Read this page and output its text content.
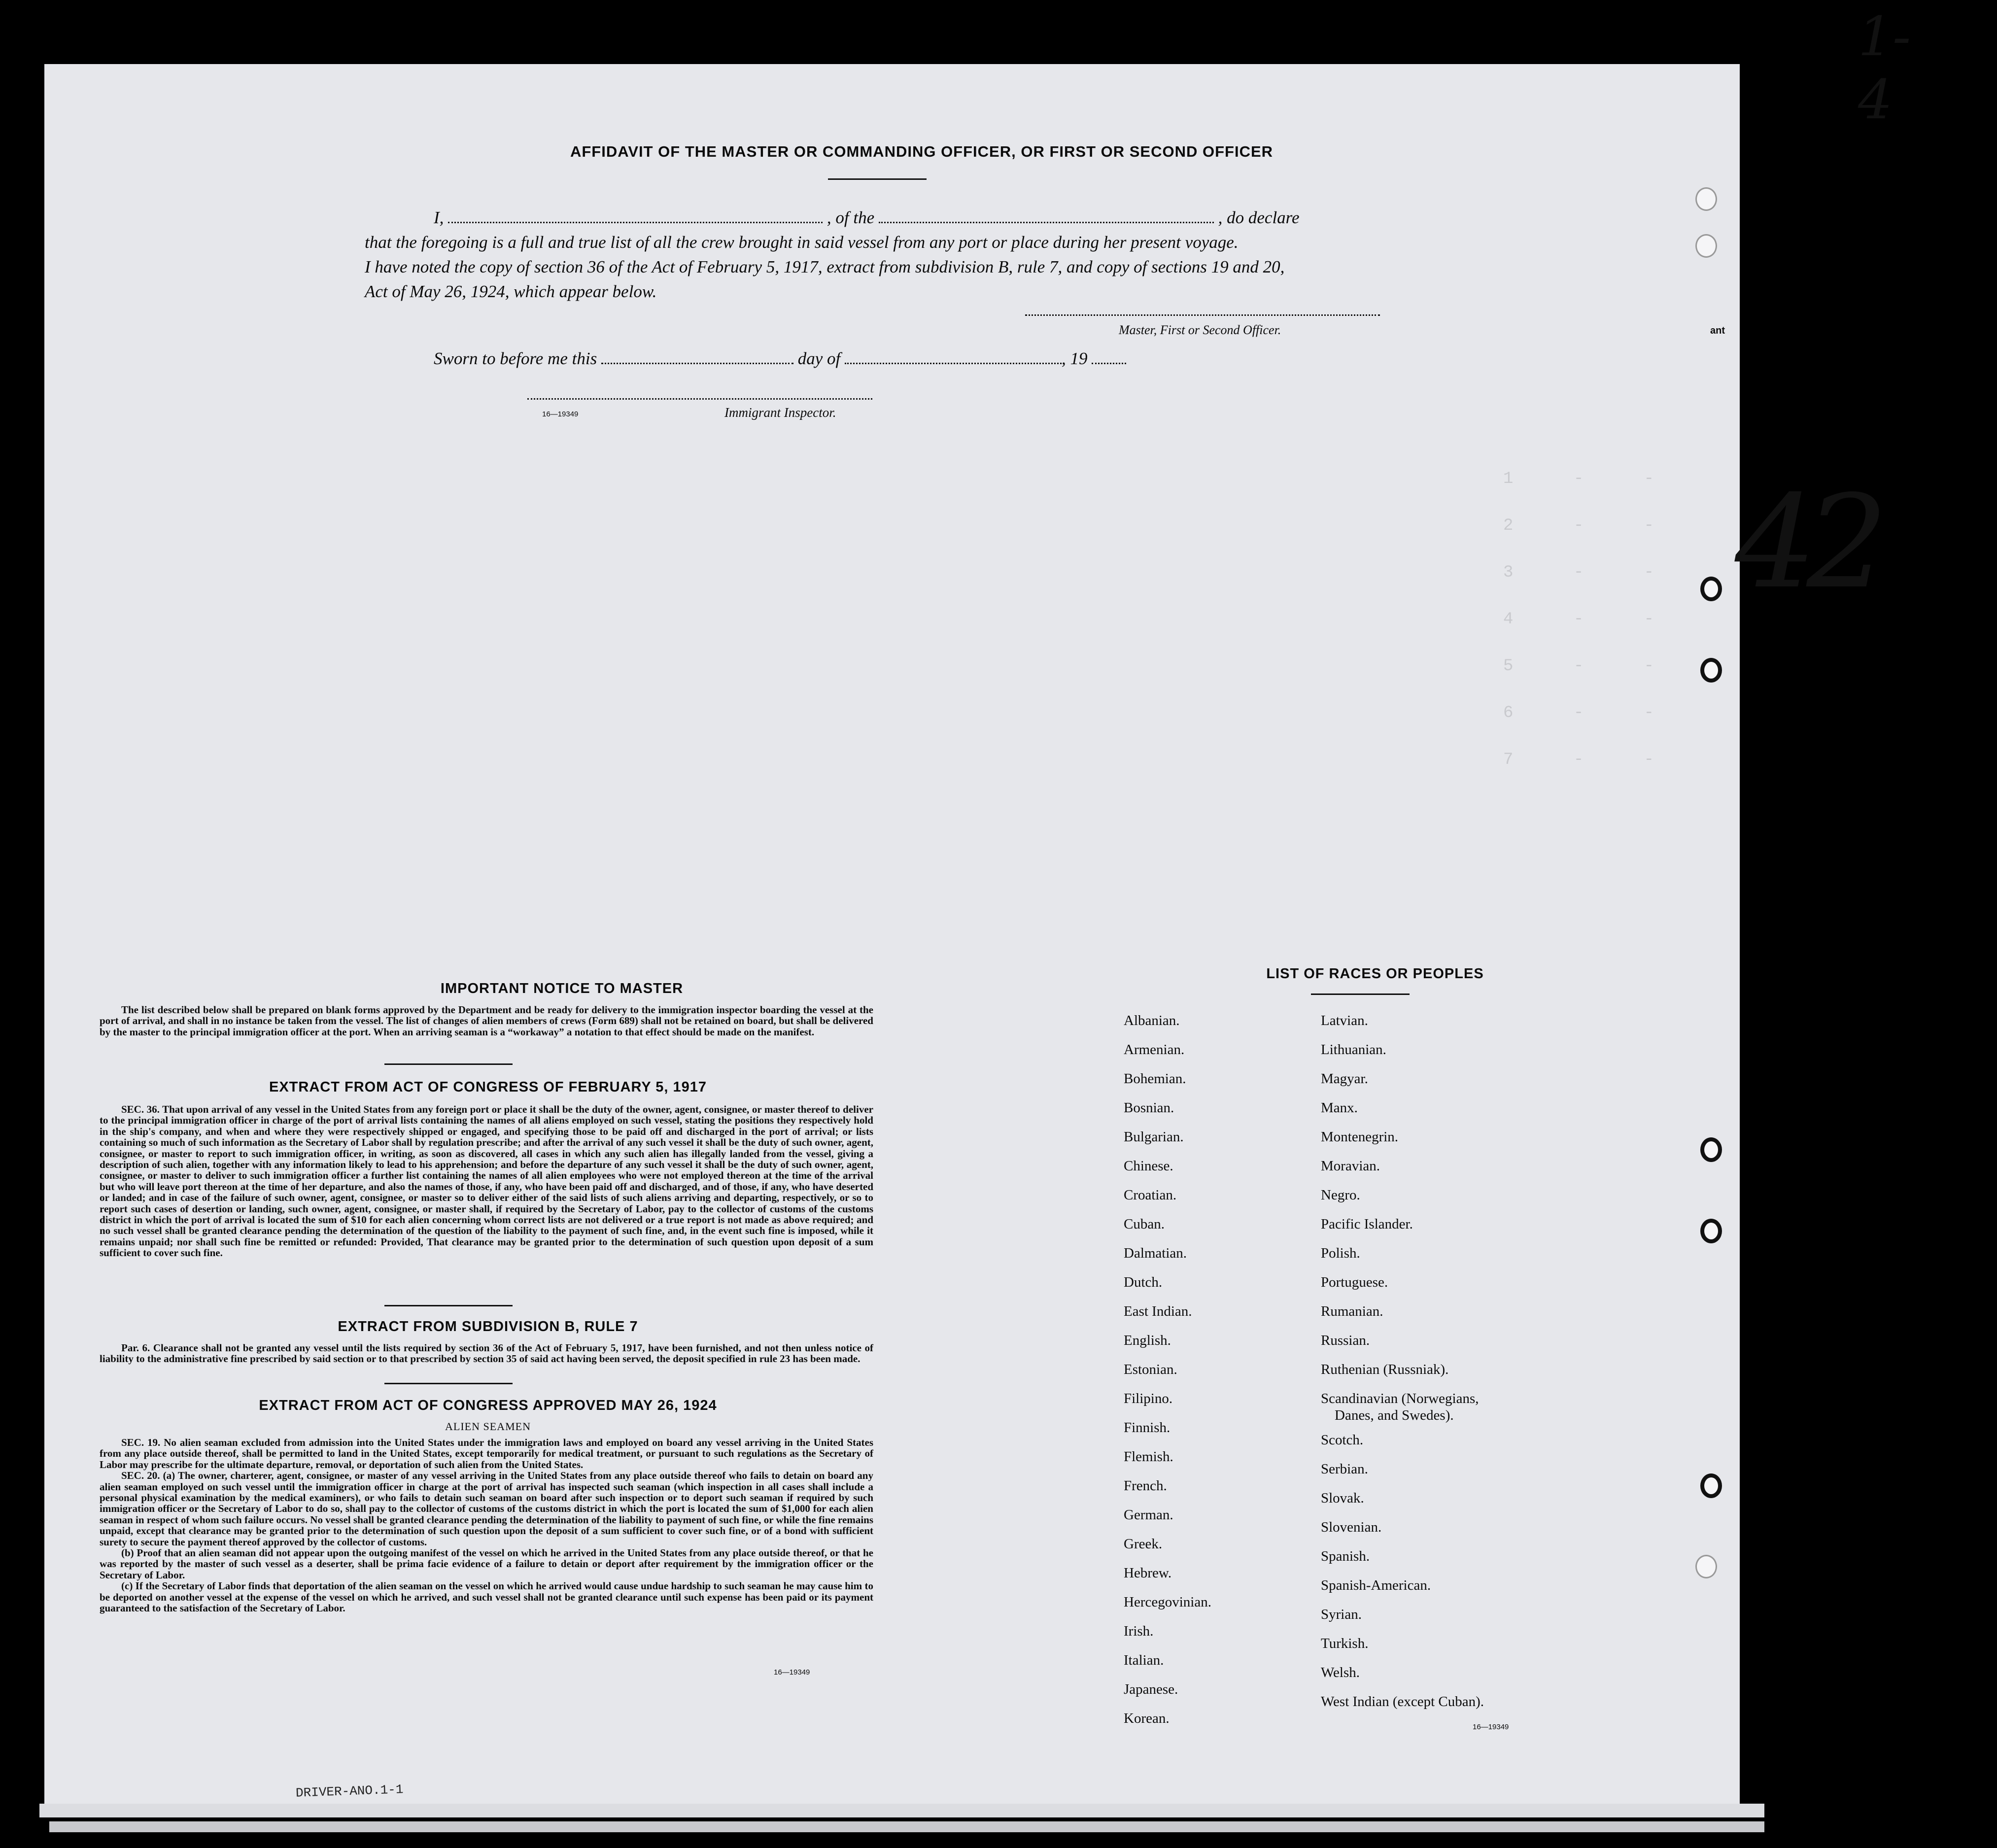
1      -      -
2      -      -
3      -      -
4      -      -
5      -      -
6      -      -
7      -      -

AFFIDAVIT OF THE MASTER OR COMMANDING OFFICER, OR FIRST OR SECOND OFFICER
I,	, of the	, do declare
that the foregoing is a full and true list of all the crew brought in said vessel from any port or place during her present voyage.
I have noted the copy of section 36 of the Act of February 5, 1917, extract from subdivision B, rule 7, and copy of sections 19 and 20,
Act of May 26, 1924, which appear below.
Master, First or Second Officer.	ant
Sworn to before me this	day of	, 19
16—19349	Immigrant Inspector.
IMPORTANT NOTICE TO MASTER

The list described below shall be prepared on blank forms approved by the Department and be ready for delivery to the immigration inspector boarding the vessel at the port of arrival, and shall in no instance be taken from the vessel. The list of changes of alien members of crews (Form 689) shall not be retained on board, but shall be delivered by the master to the principal immigration officer at the port. When an arriving seaman is a “workaway” a notation to that effect should be made on the manifest.

EXTRACT FROM ACT OF CONGRESS OF FEBRUARY 5, 1917

SEC. 36. That upon arrival of any vessel in the United States from any foreign port or place it shall be the duty of the owner, agent, consignee, or master thereof to deliver to the principal immigration officer in charge of the port of arrival lists containing the names of all aliens employed on such vessel, stating the positions they respectively hold in the ship's company, and when and where they were respectively shipped or engaged, and specifying those to be paid off and discharged in the port of arrival; or lists containing so much of such information as the Secretary of Labor shall by regulation prescribe; and after the arrival of any such vessel it shall be the duty of such owner, agent, consignee, or master to report to such immigration officer, in writing, as soon as discovered, all cases in which any such alien has illegally landed from the vessel, giving a description of such alien, together with any information likely to lead to his apprehension; and before the departure of any such vessel it shall be the duty of such owner, agent, consignee, or master to deliver to such immigration officer a further list containing the names of all alien employees who were not employed thereon at the time of the arrival but who will leave port thereon at the time of her departure, and also the names of those, if any, who have been paid off and discharged, and of those, if any, who have deserted or landed; and in case of the failure of such owner, agent, consignee, or master so to deliver either of the said lists of such aliens arriving and departing, respectively, or so to report such cases of desertion or landing, such owner, agent, consignee, or master shall, if required by the Secretary of Labor, pay to the collector of customs of the customs district in which the port of arrival is located the sum of $10 for each alien concerning whom correct lists are not delivered or a true report is not made as above required; and no such vessel shall be granted clearance pending the determination of the question of the liability to the payment of such fine, and, in the event such fine is imposed, while it remains unpaid; nor shall such fine be remitted or refunded: Provided, That clearance may be granted prior to the determination of such question upon deposit of a sum sufficient to cover such fine.

EXTRACT FROM SUBDIVISION B, RULE 7

Par. 6. Clearance shall not be granted any vessel until the lists required by section 36 of the Act of February 5, 1917, have been furnished, and not then unless notice of liability to the administrative fine prescribed by said section or to that prescribed by section 35 of said act having been served, the deposit specified in rule 23 has been made.

EXTRACT FROM ACT OF CONGRESS APPROVED MAY 26, 1924
ALIEN SEAMEN

SEC. 19. No alien seaman excluded from admission into the United States under the immigration laws and employed on board any vessel arriving in the United States from any place outside thereof, shall be permitted to land in the United States, except temporarily for medical treatment, or pursuant to such regulations as the Secretary of Labor may prescribe for the ultimate departure, removal, or deportation of such alien from the United States.

SEC. 20. (a) The owner, charterer, agent, consignee, or master of any vessel arriving in the United States from any place outside thereof who fails to detain on board any alien seaman employed on such vessel until the immigration officer in charge at the port of arrival has inspected such seaman (which inspection in all cases shall include a personal physical examination by the medical examiners), or who fails to detain such seaman on board after such inspection or to deport such seaman if required by such immigration officer or the Secretary of Labor to do so, shall pay to the collector of customs of the customs district in which the port is located the sum of $1,000 for each alien seaman in respect of whom such failure occurs. No vessel shall be granted clearance pending the determination of the liability to payment of such fine, or while the fine remains unpaid, except that clearance may be granted prior to the determination of such question upon the deposit of a sum sufficient to cover such fine, or of a bond with sufficient surety to secure the payment thereof approved by the collector of customs.

(b) Proof that an alien seaman did not appear upon the outgoing manifest of the vessel on which he arrived in the United States from any place outside thereof, or that he was reported by the master of such vessel as a deserter, shall be prima facie evidence of a failure to detain or deport after requirement by the immigration officer or the Secretary of Labor.

(c) If the Secretary of Labor finds that deportation of the alien seaman on the vessel on which he arrived would cause undue hardship to such seaman he may cause him to be deported on another vessel at the expense of the vessel on which he arrived, and such vessel shall not be granted clearance until such expense has been paid or its payment guaranteed to the satisfaction of the Secretary of Labor.

16—19349
LIST OF RACES OR PEOPLES
Albanian.
Armenian.
Bohemian.
Bosnian.
Bulgarian.
Chinese.
Croatian.
Cuban.
Dalmatian.
Dutch.
East Indian.
English.
Estonian.
Filipino.
Finnish.
Flemish.
French.
German.
Greek.
Hebrew.
Hercegovinian.
Irish.
Italian.
Japanese.
Korean.
Latvian.
Lithuanian.
Magyar.
Manx.
Montenegrin.
Moravian.
Negro.
Pacific Islander.
Polish.
Portuguese.
Rumanian.
Russian.
Ruthenian (Russniak).
Scandinavian (Norwegians,
Danes, and Swedes).
Scotch.
Serbian.
Slovak.
Slovenian.
Spanish.
Spanish-American.
Syrian.
Turkish.
Welsh.
West Indian (except Cuban).
16—19349
1-4
42
DRIVER-ANO.1-1
